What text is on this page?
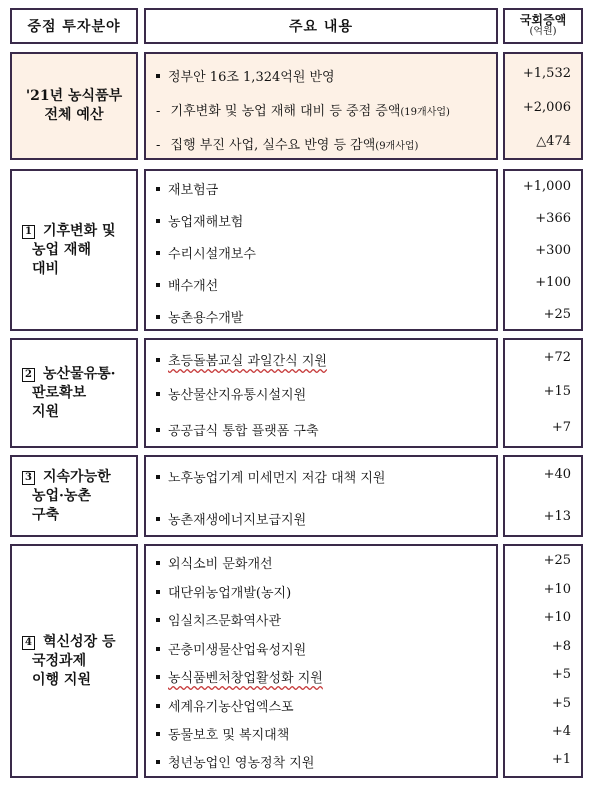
중점 투자분야	주요 내용	국회증액
(억원)
'21년 농식품부
전체 예산
정부안 16조 1,324억원 반영
- 기후변화 및 농업 재해 대비 등 중점 증액(19개사업)
- 집행 부진 사업, 실수요 반영 등 감액(9개사업)
+1,532
+2,006
△474
1 기후변화 및
농업 재해
대비
재보험금
농업재해보험
수리시설개보수
배수개선
농촌용수개발
+1,000
+366
+300
+100
+25
2 농산물유통·
판로확보
지원
초등돌봄교실 과일간식 지원
농산물산지유통시설지원
공공급식 통합 플랫폼 구축
+72
+15
+7
3 지속가능한
농업·농촌
구축
노후농업기계 미세먼지 저감 대책 지원
농촌재생에너지보급지원
+40
+13
4 혁신성장 등
국정과제
이행 지원
외식소비 문화개선
대단위농업개발(농지)
임실치즈문화역사관
곤충미생물산업육성지원
농식품벤처창업활성화 지원
세계유기농산업엑스포
동물보호 및 복지대책
청년농업인 영농정착 지원
+25
+10
+10
+8
+5
+5
+4
+1
